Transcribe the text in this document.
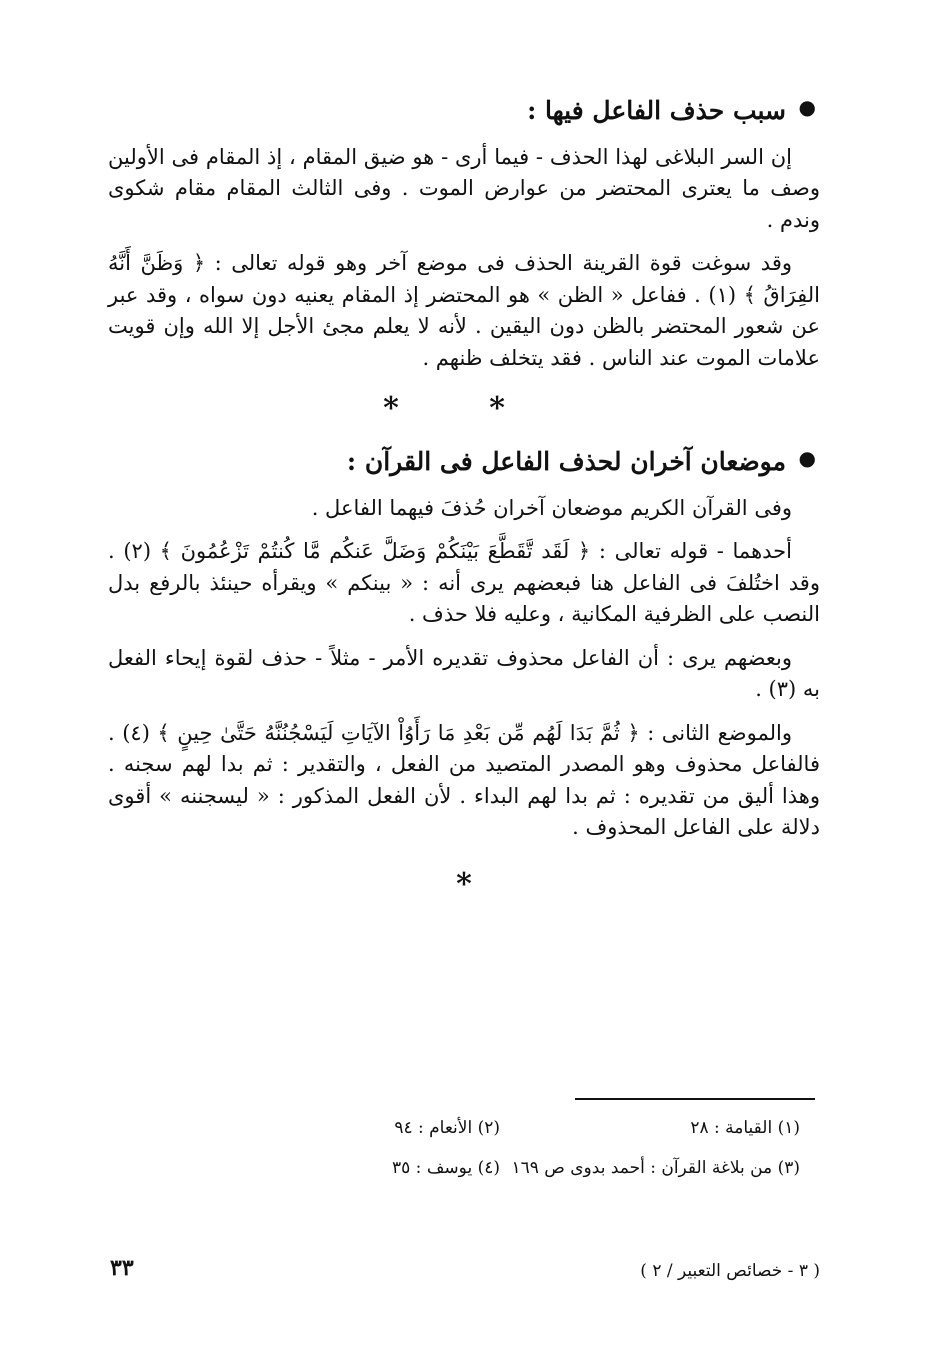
●
سبب حذف الفاعل فيها :

إن السر البلاغى لهذا الحذف - فيما أرى - هو ضيق المقام ، إذ المقام فى الأولين وصف ما يعترى المحتضر من عوارض الموت . وفى الثالث المقام مقام شكوى وندم .

وقد سوغت قوة القرينة الحذف فى موضع آخر وهو قوله تعالى : ﴿ وَظَنَّ أَنَّهُ الفِرَاقُ ﴾ (١) . ففاعل « الظن » هو المحتضر إذ المقام يعنيه دون سواه ، وقد عبر عن شعور المحتضر بالظن دون اليقين . لأنه لا يعلم مجئ الأجل إلا الله وإن قويت علامات الموت عند الناس . فقد يتخلف ظنهم .

* *
●
موضعان آخران لحذف الفاعل فى القرآن :

وفى القرآن الكريم موضعان آخران حُذفَ فيهما الفاعل .

أحدهما - قوله تعالى : ﴿ لَقَد تَّقَطَّعَ بَيْنَكُمْ وَضَلَّ عَنكُم مَّا كُنتُمْ تَزْعُمُونَ ﴾ (٢) . وقد اختُلفَ فى الفاعل هنا فبعضهم يرى أنه : « بينكم » ويقرأه حينئذ بالرفع بدل النصب على الظرفية المكانية ، وعليه فلا حذف .

وبعضهم يرى : أن الفاعل محذوف تقديره الأمر - مثلاً - حذف لقوة إيحاء الفعل به (٣) .

والموضع الثانى : ﴿ ثُمَّ بَدَا لَهُم مِّن بَعْدِ مَا رَأَوُاْ الآيَاتِ لَيَسْجُنُنَّهُ حَتَّىٰ حِينٍ ﴾ (٤) . فالفاعل محذوف وهو المصدر المتصيد من الفعل ، والتقدير : ثم بدا لهم سجنه . وهذا أليق من تقديره : ثم بدا لهم البداء . لأن الفعل المذكور : « ليسجننه » أقوى دلالة على الفاعل المحذوف .

*
(١) القيامة : ٢٨
(٢) الأنعام : ٩٤
(٣) من بلاغة القرآن : أحمد بدوى ص ١٦٩
(٤) يوسف : ٣٥
( ٣ - خصائص التعبير / ٢ )
٣٣
